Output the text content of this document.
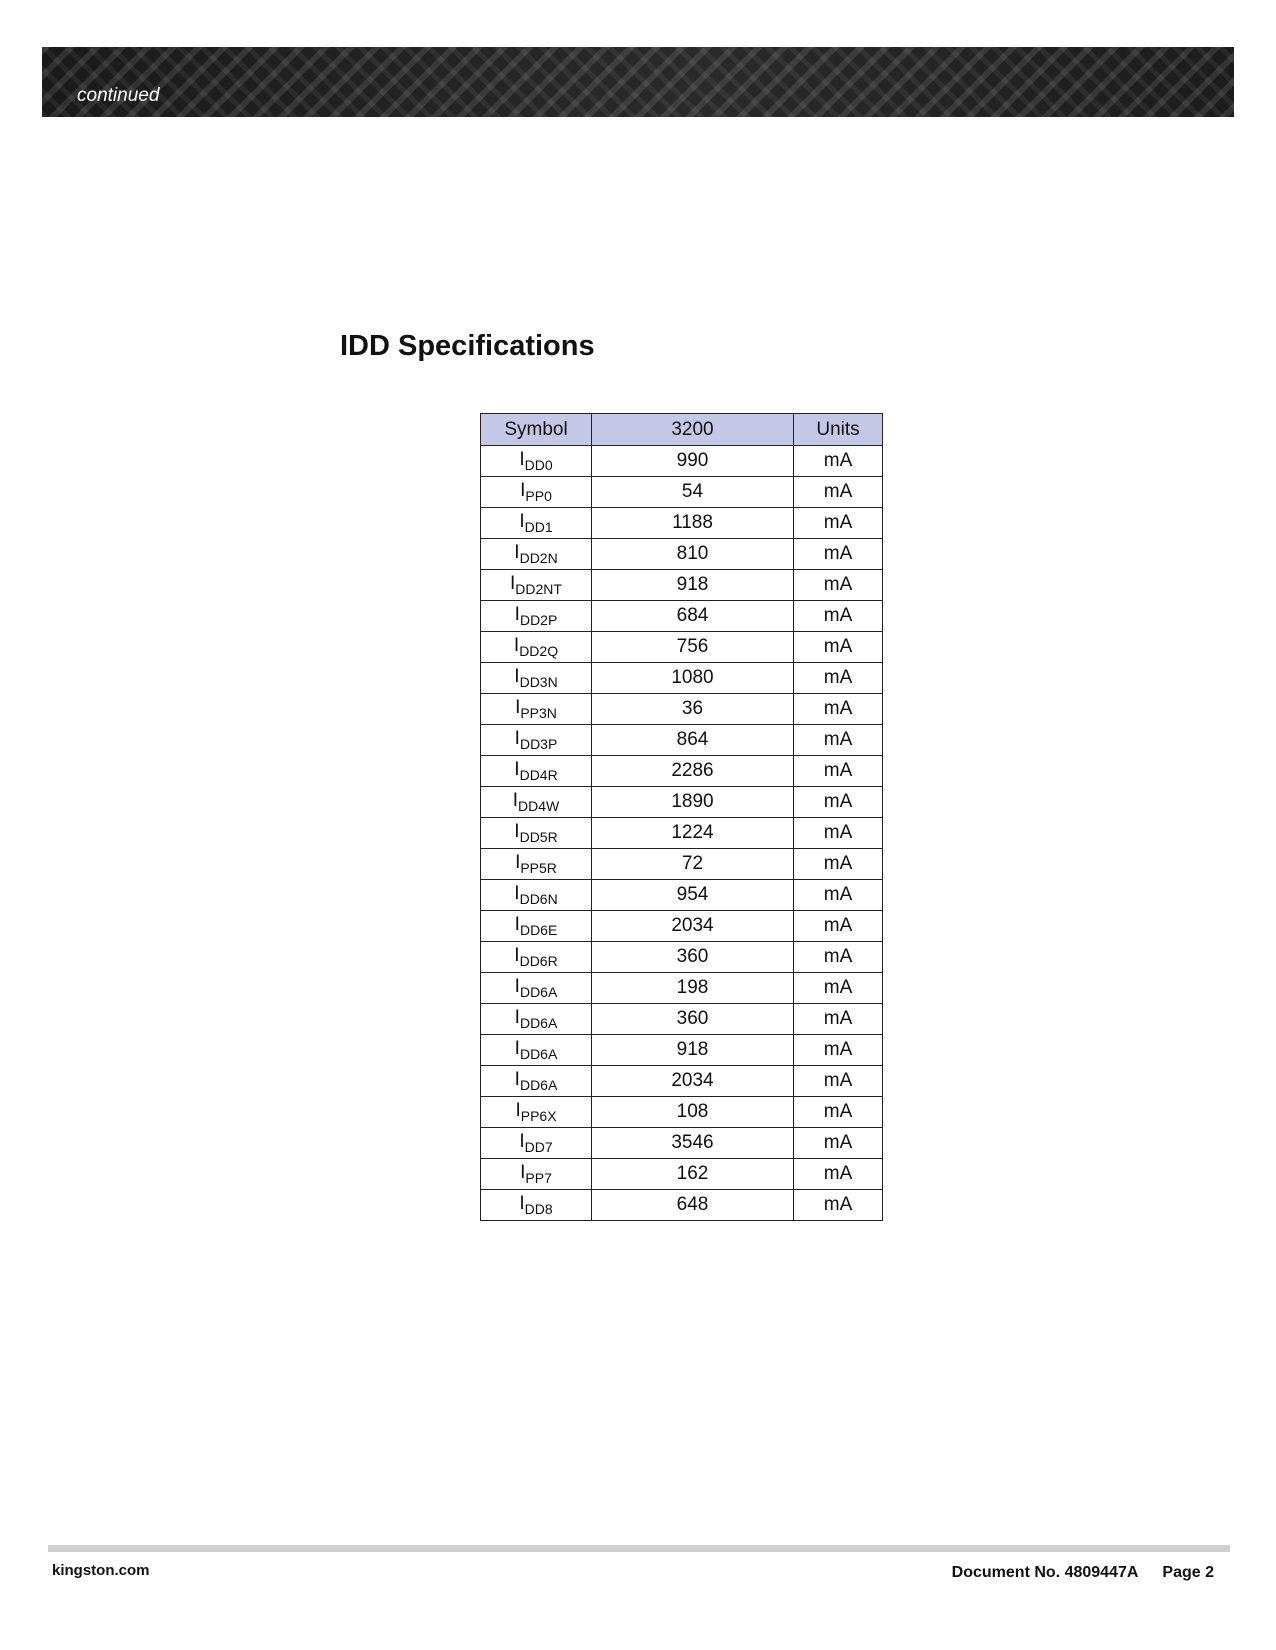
continued
IDD Specifications
Symbol	3200	Units
$I_{DD0}$	990	mA
$I_{PP0}$	54	mA
$I_{DD1}$	1188	mA
$I_{DD2N}$	810	mA
$I_{DD2NT}$	918	mA
$I_{DD2P}$	684	mA
$I_{DD2Q}$	756	mA
$I_{DD3N}$	1080	mA
$I_{PP3N}$	36	mA
$I_{DD3P}$	864	mA
$I_{DD4R}$	2286	mA
$I_{DD4W}$	1890	mA
$I_{DD5R}$	1224	mA
$I_{PP5R}$	72	mA
$I_{DD6N}$	954	mA
$I_{DD6E}$	2034	mA
$I_{DD6R}$	360	mA
$I_{DD6A}$	198	mA
$I_{DD6A}$	360	mA
$I_{DD6A}$	918	mA
$I_{DD6A}$	2034	mA
$I_{PP6X}$	108	mA
$I_{DD7}$	3546	mA
$I_{PP7}$	162	mA
$I_{DD8}$	648	mA
kingston.com	Document No. 4809447A Page 2
